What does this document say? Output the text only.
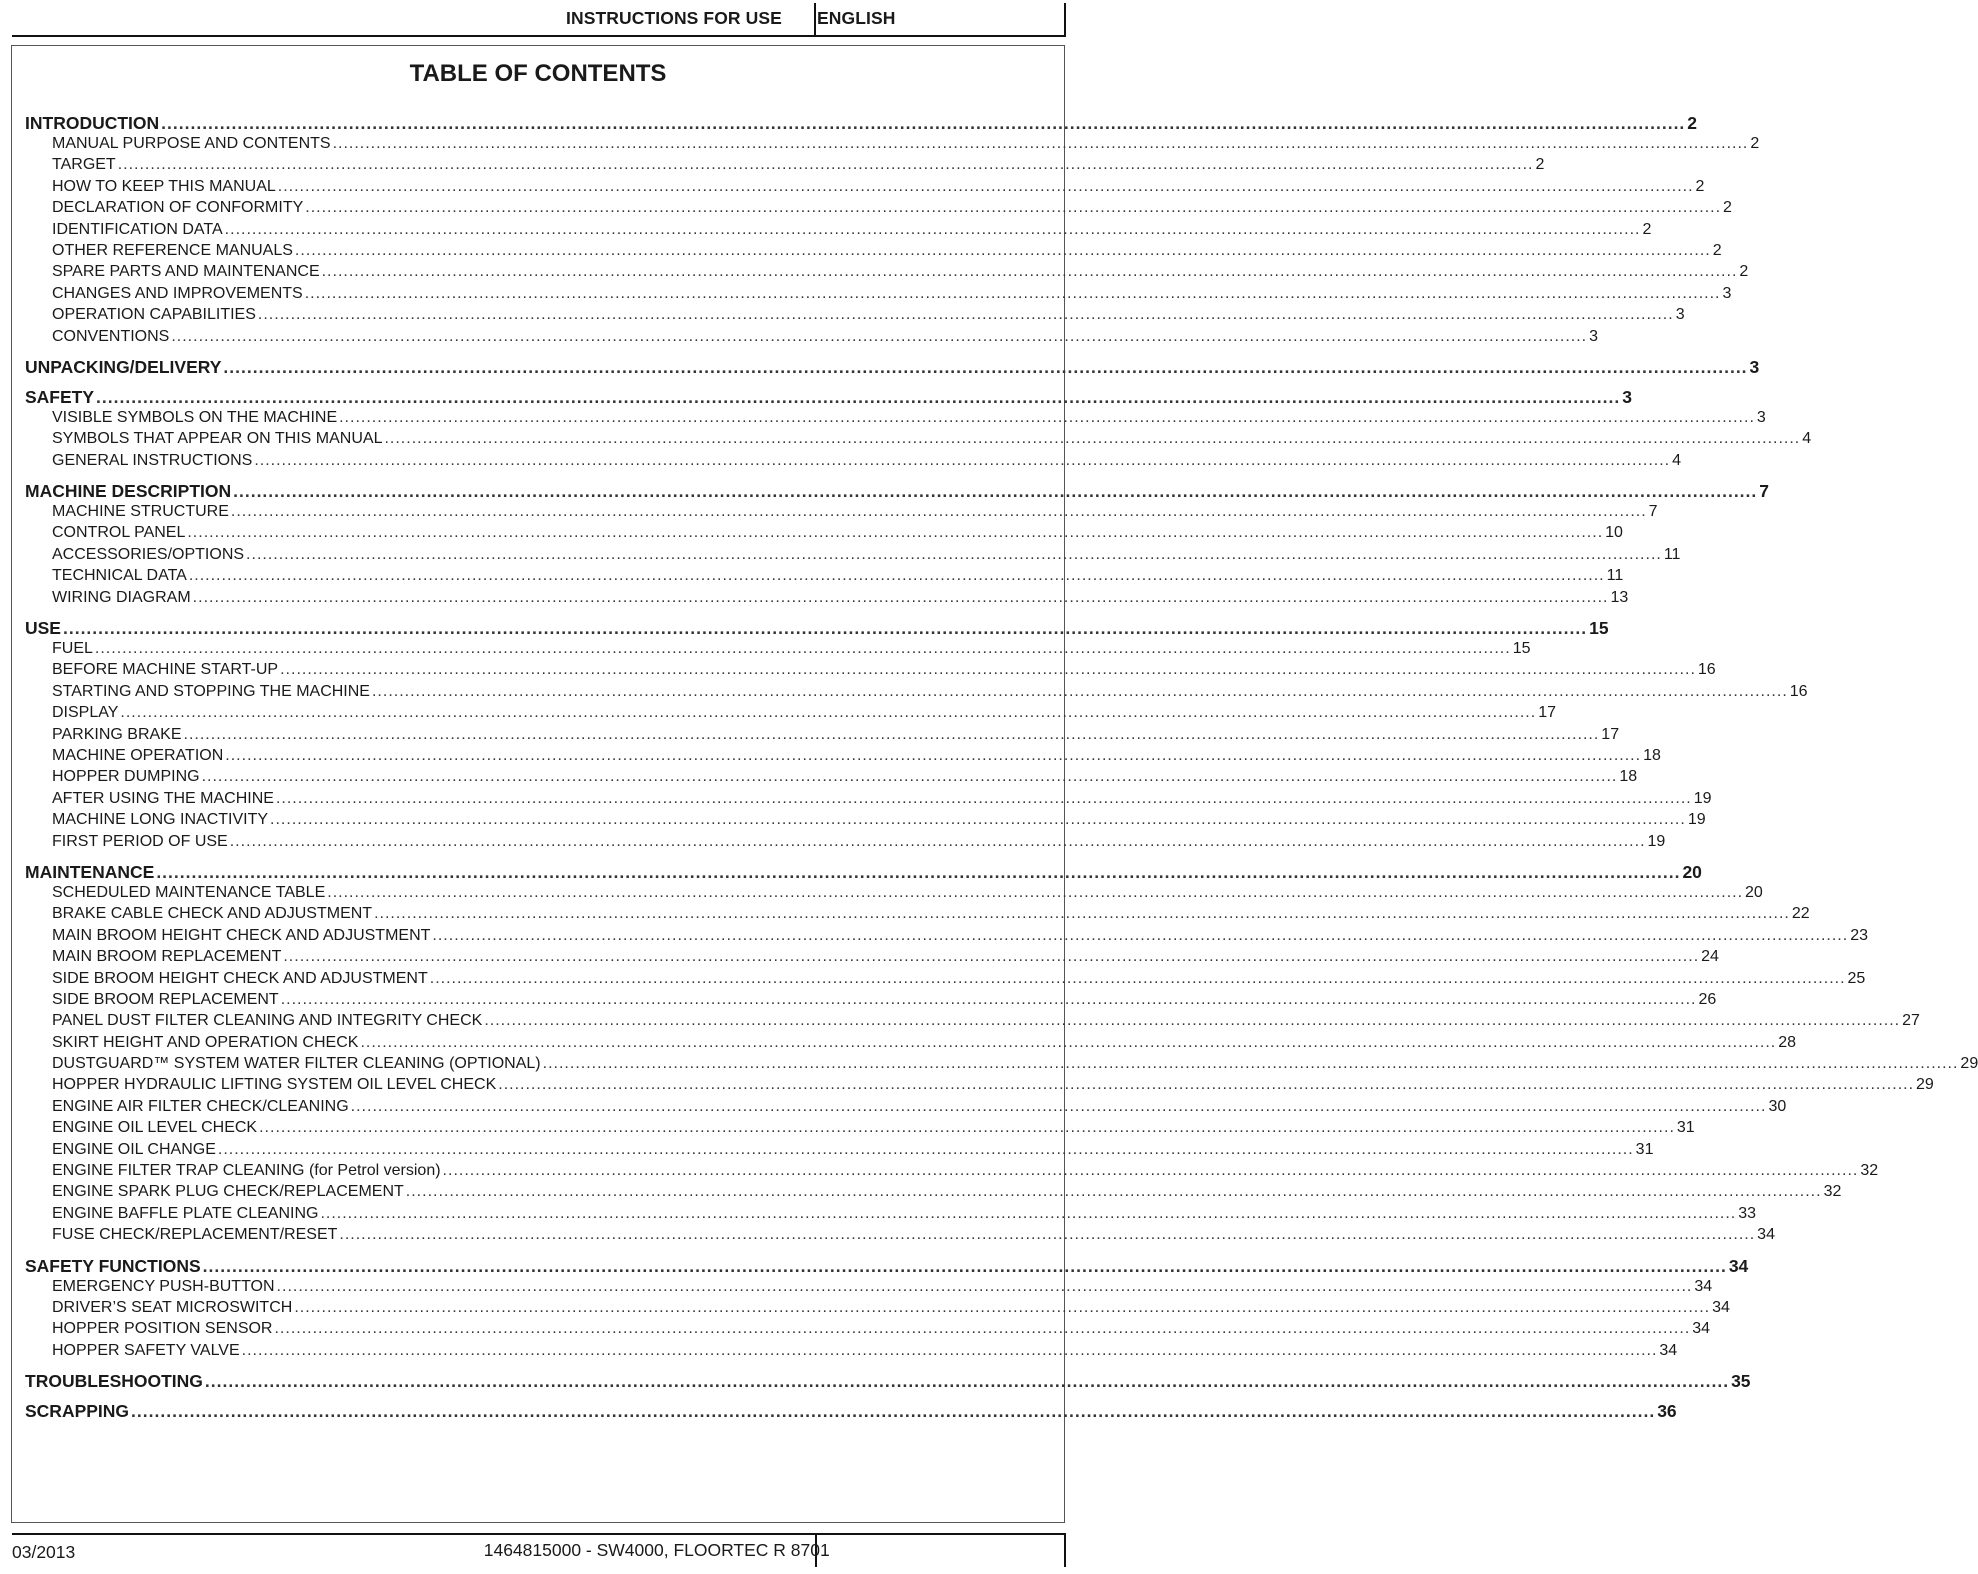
INSTRUCTIONS FOR USE ENGLISH
TABLE OF CONTENTS
INTRODUCTION .................................................................................................................................................................................................................................................................... 2
MANUAL PURPOSE AND CONTENTS .................................................................................................................................................................................................................................................................... 2
TARGET .................................................................................................................................................................................................................................................................... 2
HOW TO KEEP THIS MANUAL .................................................................................................................................................................................................................................................................... 2
DECLARATION OF CONFORMITY .................................................................................................................................................................................................................................................................... 2
IDENTIFICATION DATA .................................................................................................................................................................................................................................................................... 2
OTHER REFERENCE MANUALS .................................................................................................................................................................................................................................................................... 2
SPARE PARTS AND MAINTENANCE .................................................................................................................................................................................................................................................................... 2
CHANGES AND IMPROVEMENTS .................................................................................................................................................................................................................................................................... 3
OPERATION CAPABILITIES .................................................................................................................................................................................................................................................................... 3
CONVENTIONS .................................................................................................................................................................................................................................................................... 3
UNPACKING/DELIVERY .................................................................................................................................................................................................................................................................... 3
SAFETY .................................................................................................................................................................................................................................................................... 3
VISIBLE SYMBOLS ON THE MACHINE .................................................................................................................................................................................................................................................................... 3
SYMBOLS THAT APPEAR ON THIS MANUAL .................................................................................................................................................................................................................................................................... 4
GENERAL INSTRUCTIONS .................................................................................................................................................................................................................................................................... 4
MACHINE DESCRIPTION .................................................................................................................................................................................................................................................................... 7
MACHINE STRUCTURE .................................................................................................................................................................................................................................................................... 7
CONTROL PANEL .................................................................................................................................................................................................................................................................... 10
ACCESSORIES/OPTIONS .................................................................................................................................................................................................................................................................... 11
TECHNICAL DATA .................................................................................................................................................................................................................................................................... 11
WIRING DIAGRAM .................................................................................................................................................................................................................................................................... 13
USE .................................................................................................................................................................................................................................................................... 15
FUEL .................................................................................................................................................................................................................................................................... 15
BEFORE MACHINE START-UP .................................................................................................................................................................................................................................................................... 16
STARTING AND STOPPING THE MACHINE .................................................................................................................................................................................................................................................................... 16
DISPLAY .................................................................................................................................................................................................................................................................... 17
PARKING BRAKE .................................................................................................................................................................................................................................................................... 17
MACHINE OPERATION .................................................................................................................................................................................................................................................................... 18
HOPPER DUMPING .................................................................................................................................................................................................................................................................... 18
AFTER USING THE MACHINE .................................................................................................................................................................................................................................................................... 19
MACHINE LONG INACTIVITY .................................................................................................................................................................................................................................................................... 19
FIRST PERIOD OF USE .................................................................................................................................................................................................................................................................... 19
MAINTENANCE .................................................................................................................................................................................................................................................................... 20
SCHEDULED MAINTENANCE TABLE .................................................................................................................................................................................................................................................................... 20
BRAKE CABLE CHECK AND ADJUSTMENT .................................................................................................................................................................................................................................................................... 22
MAIN BROOM HEIGHT CHECK AND ADJUSTMENT .................................................................................................................................................................................................................................................................... 23
MAIN BROOM REPLACEMENT .................................................................................................................................................................................................................................................................... 24
SIDE BROOM HEIGHT CHECK AND ADJUSTMENT .................................................................................................................................................................................................................................................................... 25
SIDE BROOM REPLACEMENT .................................................................................................................................................................................................................................................................... 26
PANEL DUST FILTER CLEANING AND INTEGRITY CHECK .................................................................................................................................................................................................................................................................... 27
SKIRT HEIGHT AND OPERATION CHECK .................................................................................................................................................................................................................................................................... 28
DUSTGUARD™ SYSTEM WATER FILTER CLEANING (OPTIONAL) .................................................................................................................................................................................................................................................................... 29
HOPPER HYDRAULIC LIFTING SYSTEM OIL LEVEL CHECK .................................................................................................................................................................................................................................................................... 29
ENGINE AIR FILTER CHECK/CLEANING .................................................................................................................................................................................................................................................................... 30
ENGINE OIL LEVEL CHECK .................................................................................................................................................................................................................................................................... 31
ENGINE OIL CHANGE .................................................................................................................................................................................................................................................................... 31
ENGINE FILTER TRAP CLEANING (for Petrol version) .................................................................................................................................................................................................................................................................... 32
ENGINE SPARK PLUG CHECK/REPLACEMENT .................................................................................................................................................................................................................................................................... 32
ENGINE BAFFLE PLATE CLEANING .................................................................................................................................................................................................................................................................... 33
FUSE CHECK/REPLACEMENT/RESET .................................................................................................................................................................................................................................................................... 34
SAFETY FUNCTIONS .................................................................................................................................................................................................................................................................... 34
EMERGENCY PUSH-BUTTON .................................................................................................................................................................................................................................................................... 34
DRIVER’S SEAT MICROSWITCH .................................................................................................................................................................................................................................................................... 34
HOPPER POSITION SENSOR .................................................................................................................................................................................................................................................................... 34
HOPPER SAFETY VALVE .................................................................................................................................................................................................................................................................... 34
TROUBLESHOOTING .................................................................................................................................................................................................................................................................... 35
SCRAPPING .................................................................................................................................................................................................................................................................... 36
03/2013	1464815000 - SW4000, FLOORTEC R 870 1
